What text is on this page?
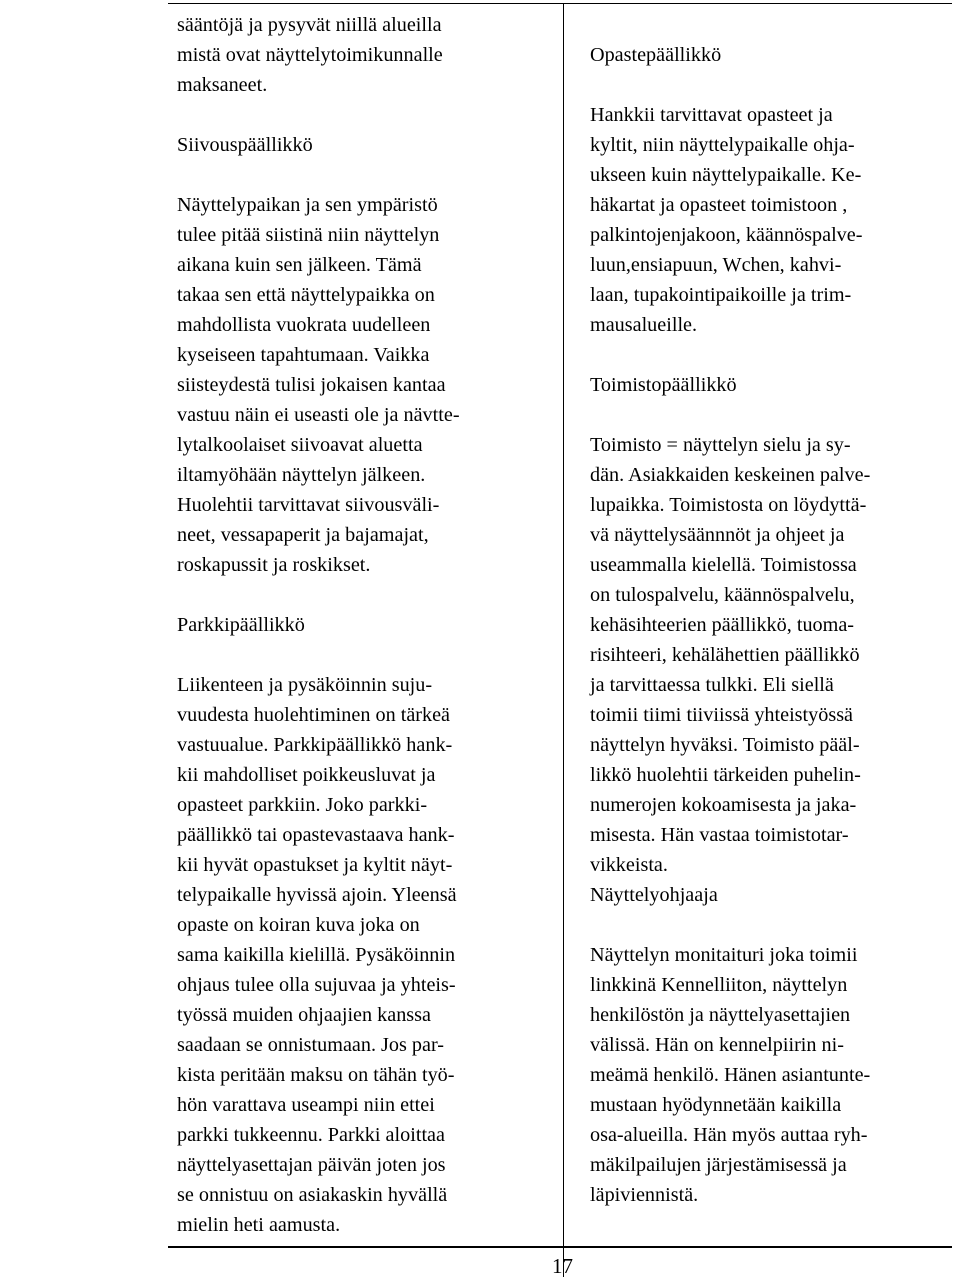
sääntöjä ja pysyvät niillä alueilla
mistä ovat näyttelytoimikunnalle
maksaneet.
Siivouspäällikkö
Näyttelypaikan ja sen ympäristö
tulee pitää siistinä niin näyttelyn
aikana kuin sen jälkeen. Tämä
takaa sen että näyttelypaikka on
mahdollista vuokrata uudelleen
kyseiseen tapahtumaan. Vaikka
siisteydestä tulisi jokaisen kantaa
vastuu näin ei useasti ole ja nävtte-
lytalkoolaiset siivoavat aluetta
iltamyöhään näyttelyn jälkeen.
Huolehtii tarvittavat siivousväli-
neet, vessapaperit ja bajamajat,
roskapussit ja roskikset.
Parkkipäällikkö
Liikenteen ja pysäköinnin suju-
vuudesta huolehtiminen on tärkeä
vastuualue. Parkkipäällikkö hank-
kii mahdolliset poikkeusluvat ja
opasteet parkkiin. Joko parkki-
päällikkö tai opastevastaava hank-
kii hyvät opastukset ja kyltit näyt-
telypaikalle hyvissä ajoin. Yleensä
opaste on koiran kuva joka on
sama kaikilla kielillä. Pysäköinnin
ohjaus tulee olla sujuvaa ja yhteis-
työssä muiden ohjaajien kanssa
saadaan se onnistumaan. Jos par-
kista peritään maksu on tähän työ-
hön varattava useampi niin ettei
parkki tukkeennu. Parkki aloittaa
näyttelyasettajan päivän joten jos
se onnistuu on asiakaskin hyvällä
mielin heti aamusta.
Opastepäällikkö
Hankkii tarvittavat opasteet ja
kyltit, niin näyttelypaikalle ohja-
ukseen kuin näyttelypaikalle. Ke-
häkartat ja opasteet toimistoon ,
palkintojenjakoon, käännöspalve-
luun,ensiapuun, Wchen, kahvi-
laan, tupakointipaikoille ja trim-
mausalueille.
Toimistopäällikkö
Toimisto = näyttelyn sielu ja sy-
dän. Asiakkaiden keskeinen palve-
lupaikka. Toimistosta on löydyttä-
vä näyttelysäännnöt ja ohjeet ja
useammalla kielellä. Toimistossa
on tulospalvelu, käännöspalvelu,
kehäsihteerien päällikkö, tuoma-
risihteeri, kehälähettien päällikkö
ja tarvittaessa tulkki. Eli siellä
toimii tiimi tiiviissä yhteistyössä
näyttelyn hyväksi. Toimisto pääl-
likkö huolehtii tärkeiden puhelin-
numerojen kokoamisesta ja jaka-
misesta. Hän vastaa toimistotar-
vikkeista.
Näyttelyohjaaja
Näyttelyn monitaituri joka toimii
linkkinä Kennelliiton, näyttelyn
henkilöstön ja näyttelyasettajien
välissä. Hän on kennelpiirin ni-
meämä henkilö. Hänen asiantunte-
mustaan hyödynnetään kaikilla
osa-alueilla. Hän myös auttaa ryh-
mäkilpailujen järjestämisessä ja
läpiviennistä.
17
